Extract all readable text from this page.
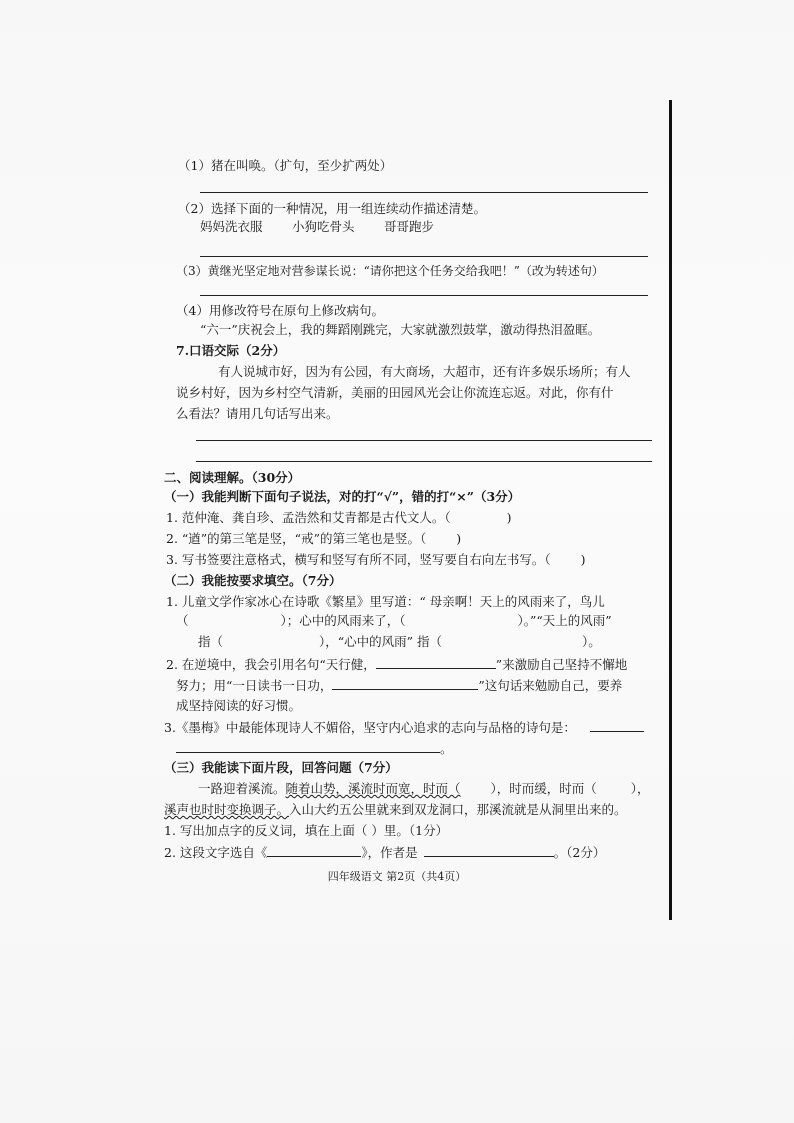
（1）猪在叫唤。（扩句，至少扩两处）
（2）选择下面的一种情况，用一组连续动作描述清楚。
妈妈洗衣服 小狗吃骨头 哥哥跑步
（3）黄继光坚定地对营参谋长说：“请你把这个任务交给我吧！”（改为转述句）
（4）用修改符号在原句上修改病句。
“六一”庆祝会上，我的舞蹈刚跳完，大家就激烈鼓掌，激动得热泪盈眶。
7.口语交际（2分）
有人说城市好，因为有公园，有大商场，大超市，还有许多娱乐场所；有人
说乡村好，因为乡村空气清新，美丽的田园风光会让你流连忘返。对此，你有什
么看法？请用几句话写出来。
二、阅读理解。（30分）
（一）我能判断下面句子说法，对的打“√”，错的打“×”（3分）
1. 范仲淹、龚自珍、孟浩然和艾青都是古代文人。（	)
2. “遒”的第三笔是竖，“戒”的第三笔也是竖。（ )
3. 写书签要注意格式，横写和竖写有所不同，竖写要自右向左书写。（ )
（二）我能按要求填空。（7分）
1. 儿童文学作家冰心在诗歌《繁星》里写道：“ 母亲啊！天上的风雨来了，鸟儿
（	）；心中的风雨来了，（	）。”“天上的风雨”
指（	），“心中的风雨” 指（	）。
2. 在逆境中，我会引用名句“天行健，	”来激励自己坚持不懈地
努力；用“一日读书一日功，	”这句话来勉励自己，要养
成坚持阅读的好习惯。
3.《墨梅》中最能体现诗人不媚俗，坚守内心追求的志向与品格的诗句是：
。
（三）我能读下面片段，回答问题（7分）
一路迎着溪流。随着山势，溪流时而宽，时而（ ），时而缓，时而（	），
溪声也时时变换调子。入山大约五公里就来到双龙洞口，那溪流就是从洞里出来的。
1. 写出加点字的反义词，填在上面（ ）里。（1分）
2. 这段文字选自《	》，作者是	。（2分）
四年级语文 第2页（共4页）
